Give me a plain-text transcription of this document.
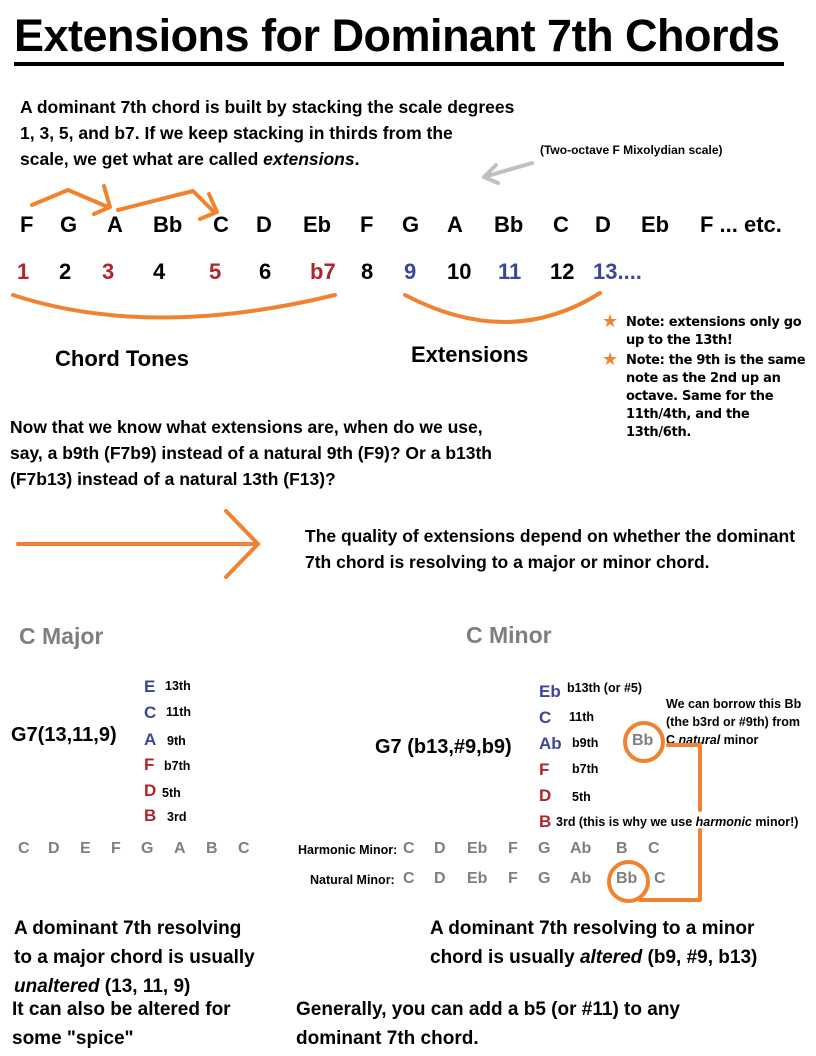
Extensions for Dominant 7th Chords
A dominant 7th chord is built by stacking the scale degrees
1, 3, 5, and b7. If we keep stacking in thirds from the
scale, we get what are called extensions.	(Two-octave F Mixolydian scale)
F G A Bb C D Eb F G A Bb C D Eb F ... etc.
1 2 3 4 5 6 b7 8 9 10 11 12 13....
Chord Tones	Extensions
★ Note: extensions only go up to the 13th!
★ Note: the 9th is the same note as the 2nd up an octave. Same for the 11th/4th, and the 13th/6th.
Now that we know what extensions are, when do we use, say, a b9th (F7b9) instead of a natural 9th (F9)? Or a b13th (F7b13) instead of a natural 13th (F13)?
The quality of extensions depend on whether the dominant 7th chord is resolving to a major or minor chord.
C Major
G7(13,11,9)
E 13th
C 11th
A 9th
F b7th
D 5th
B 3rd
C D E F G A B C
C Minor
G7 (b13,#9,b9)
Eb b13th (or #5)
C 11th
Ab b9th
F b7th
D 5th
B 3rd (this is why we use harmonic minor!)
Bb
We can borrow this Bb
(the b3rd or #9th) from
C natural minor
Harmonic Minor: C D Eb F G Ab B C
Natural Minor: C D Eb F G Ab Bb C
A dominant 7th resolving
to a major chord is usually
unaltered (13, 11, 9)
It can also be altered for some "spice"
A dominant 7th resolving to a minor
chord is usually altered (b9, #9, b13)
Generally, you can add a b5 (or #11) to any dominant 7th chord.
